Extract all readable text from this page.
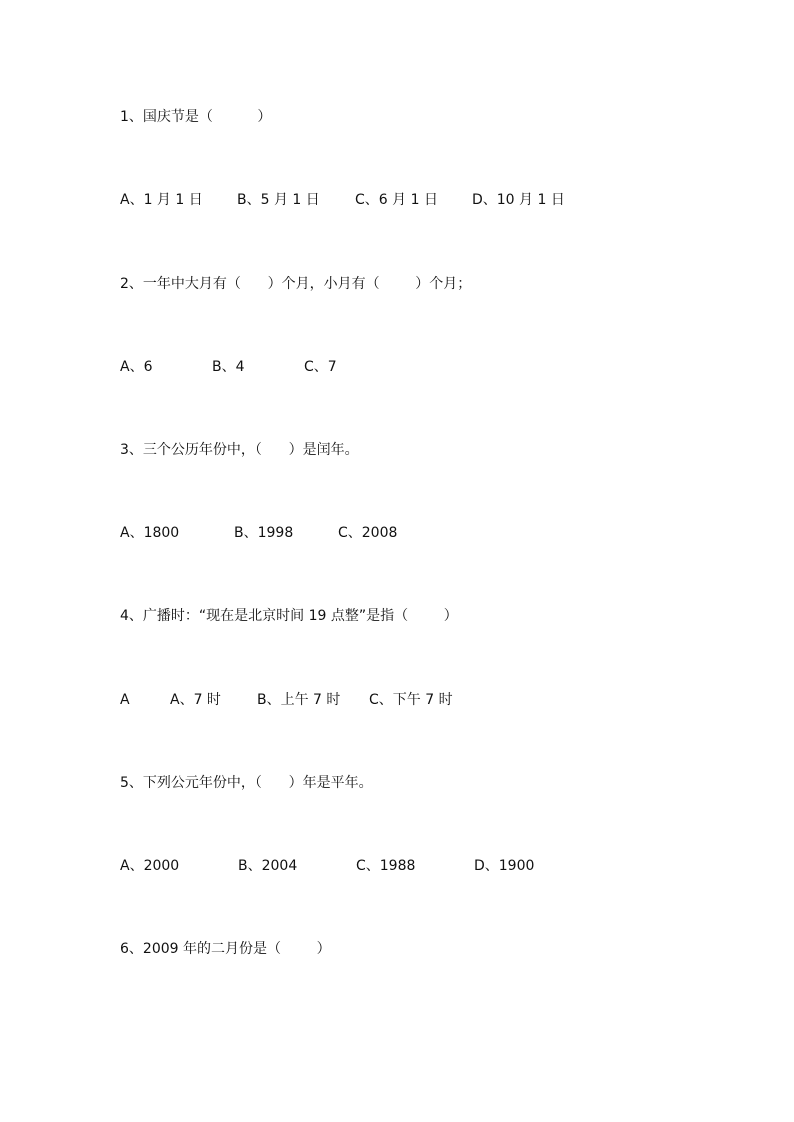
1、国庆节是（          ）
A、1 月 1 日 B、5 月 1 日	C、6 月 1 日 D、10 月 1 日
2、一年中大月有（      ）个月，小月有（        ）个月；
A、6	B、4	C、7
3、三个公历年份中，（      ）是闰年。
A、1800	B、1998	C、2008
4、广播时：“现在是北京时间 19 点整”是指（        ）
A	A、7 时	B、上午 7 时 C、下午 7 时
5、下列公元年份中，（      ）年是平年。
A、2000	B、2004	C、1988	D、1900
6、2009 年的二月份是（        ）
